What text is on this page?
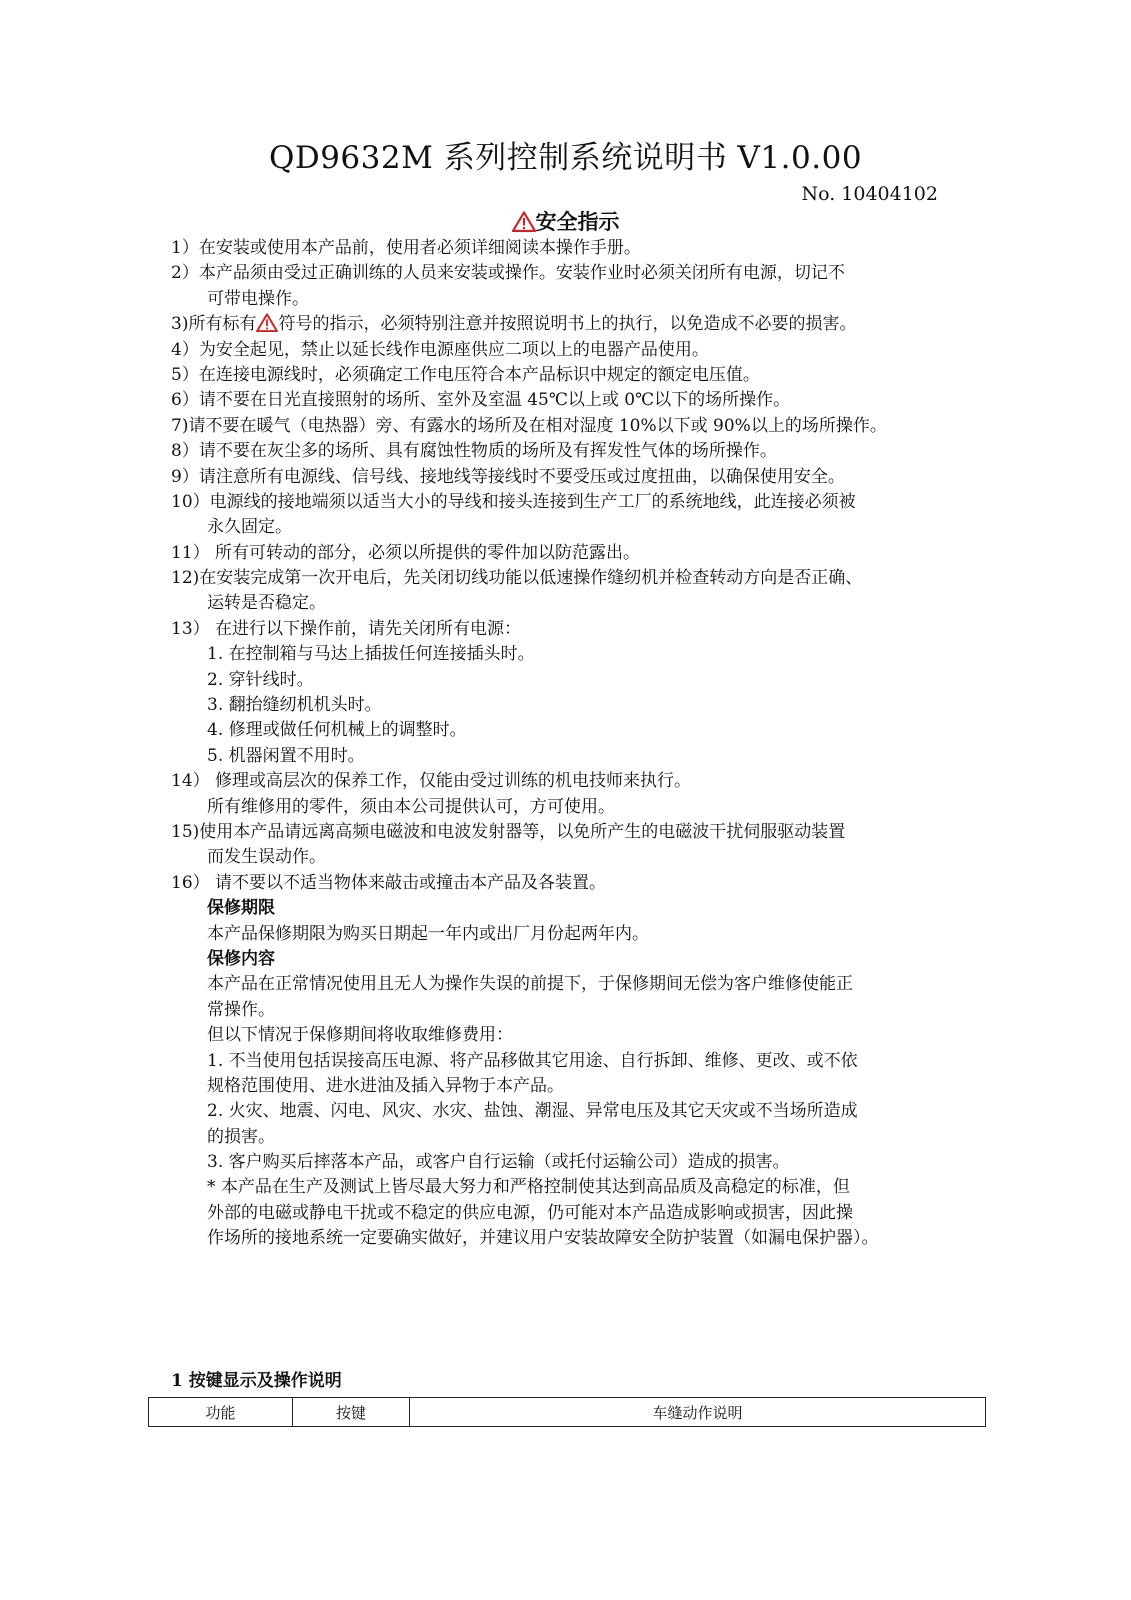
QD9632M 系列控制系统说明书 V1.0.00
No. 10404102
安全指示
1）在安装或使用本产品前，使用者必须详细阅读本操作手册。
2）本产品须由受过正确训练的人员来安装或操作。安装作业时必须关闭所有电源，切记不
可带电操作。
3)所有标有 符号的指示，必须特别注意并按照说明书上的执行，以免造成不必要的损害。
4）为安全起见，禁止以延长线作电源座供应二项以上的电器产品使用。
5）在连接电源线时，必须确定工作电压符合本产品标识中规定的额定电压值。
6）请不要在日光直接照射的场所、室外及室温 45℃以上或 0℃以下的场所操作。
7)请不要在暖气（电热器）旁、有露水的场所及在相对湿度 10%以下或 90%以上的场所操作。
8）请不要在灰尘多的场所、具有腐蚀性物质的场所及有挥发性气体的场所操作。
9）请注意所有电源线、信号线、接地线等接线时不要受压或过度扭曲，以确保使用安全。
10）电源线的接地端须以适当大小的导线和接头连接到生产工厂的系统地线，此连接必须被
永久固定。
11） 所有可转动的部分，必须以所提供的零件加以防范露出。
12)在安装完成第一次开电后，先关闭切线功能以低速操作缝纫机并检查转动方向是否正确、
运转是否稳定。
13） 在进行以下操作前，请先关闭所有电源：
1. 在控制箱与马达上插拔任何连接插头时。
2. 穿针线时。
3. 翻抬缝纫机机头时。
4. 修理或做任何机械上的调整时。
5. 机器闲置不用时。
14） 修理或高层次的保养工作，仅能由受过训练的机电技师来执行。
所有维修用的零件，须由本公司提供认可，方可使用。
15)使用本产品请远离高频电磁波和电波发射器等，以免所产生的电磁波干扰伺服驱动装置
而发生误动作。
16） 请不要以不适当物体来敲击或撞击本产品及各装置。
保修期限
本产品保修期限为购买日期起一年内或出厂月份起两年内。
保修内容
本产品在正常情况使用且无人为操作失误的前提下，于保修期间无偿为客户维修使能正
常操作。
但以下情况于保修期间将收取维修费用：
1. 不当使用包括误接高压电源、将产品移做其它用途、自行拆卸、维修、更改、或不依
规格范围使用、进水进油及插入异物于本产品。
2. 火灾、地震、闪电、风灾、水灾、盐蚀、潮湿、异常电压及其它天灾或不当场所造成
的损害。
3. 客户购买后摔落本产品，或客户自行运输（或托付运输公司）造成的损害。
* 本产品在生产及测试上皆尽最大努力和严格控制使其达到高品质及高稳定的标准，但
外部的电磁或静电干扰或不稳定的供应电源，仍可能对本产品造成影响或损害，因此操
作场所的接地系统一定要确实做好，并建议用户安装故障安全防护装置（如漏电保护器）。
1 按键显示及操作说明
功能	按键	车缝动作说明
